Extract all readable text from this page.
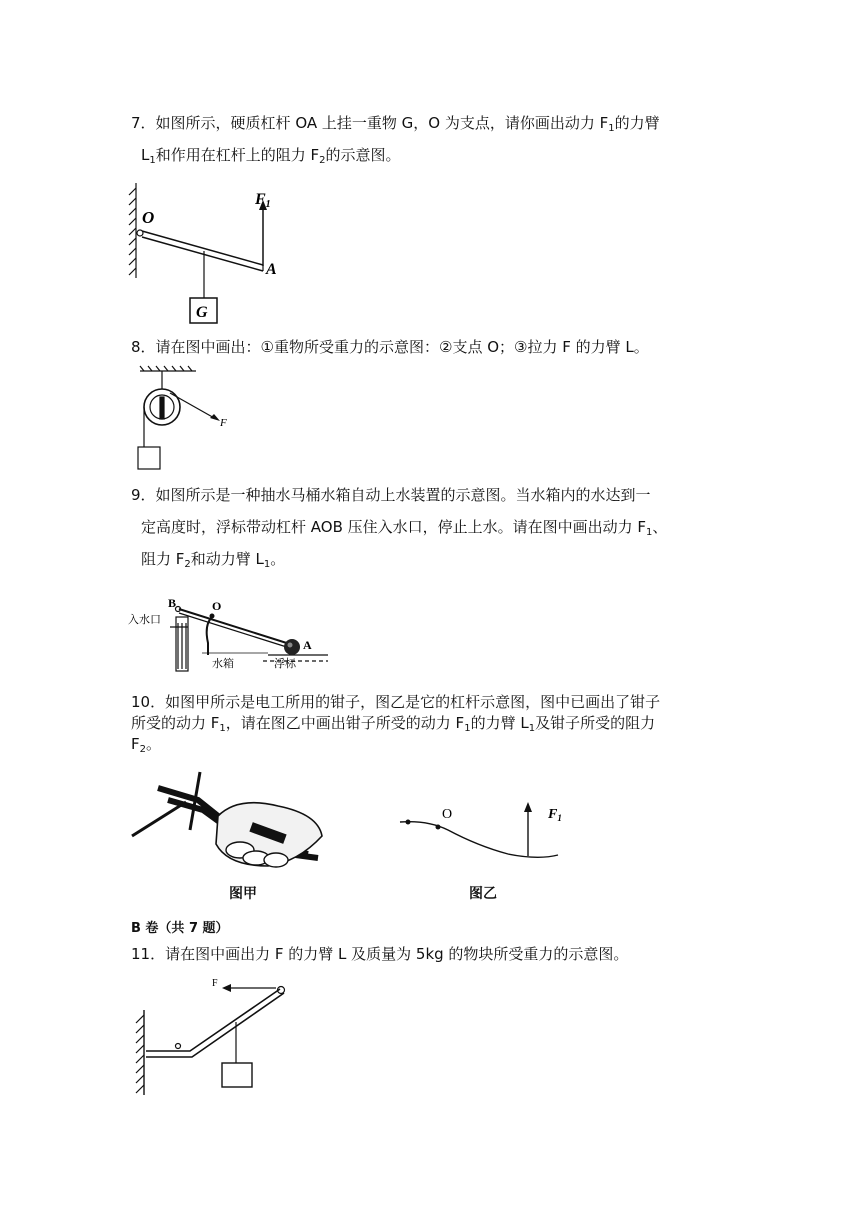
7．如图所示，硬质杠杆 OA 上挂一重物 G，O 为支点，请你画出动力 $F_1$的力臂
$L_1$和作用在杠杆上的阻力 $F_2$的示意图。

O
A
F1
G

8．请在图中画出：①重物所受重力的示意图：②支点 O；③拉力 F 的力臂 L。

F

9．如图所示是一种抽水马桶水箱自动上水装置的示意图。当水箱内的水达到一
定高度时，浮标带动杠杆 AOB 压住入水口，停止上水。请在图中画出动力 $F_1$、
阻力 $F_2$和动力臂 $L_1$。

B	O
A
入水口
水箱	浮标

10．如图甲所示是电工所用的钳子，图乙是它的杠杆示意图，图中已画出了钳子
所受的动力 $F_1$，请在图乙中画出钳子所受的动力 $F_1$的力臂 $L_1$及钳子所受的阻力
$F_2$。

图甲
O	$F_1$
图乙
B 卷（共 7 题）

11．请在图中画出力 F 的力臂 L 及质量为 5kg 的物块所受重力的示意图。

F
